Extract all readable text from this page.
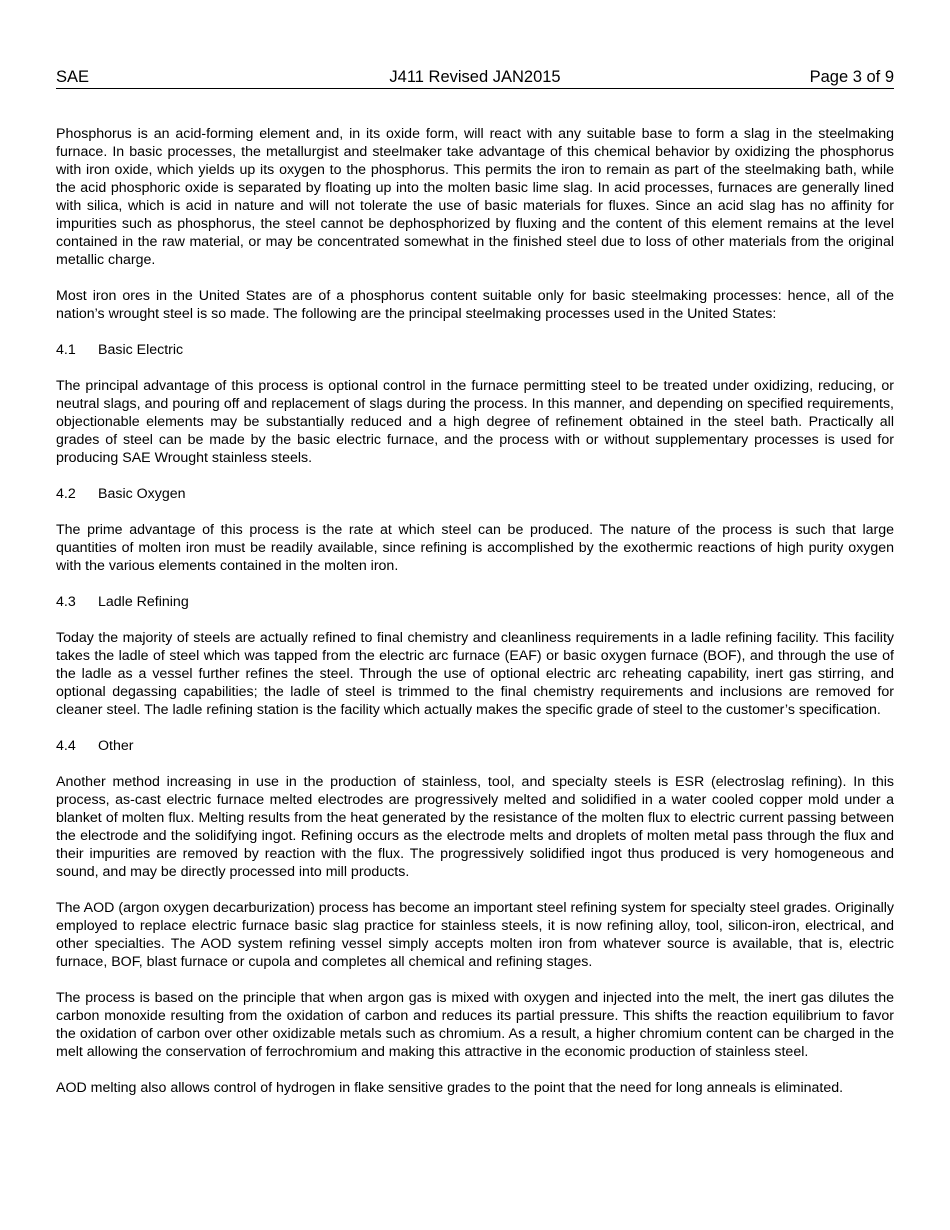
SAE	J411 Revised JAN2015	Page 3 of 9

Phosphorus is an acid-forming element and, in its oxide form, will react with any suitable base to form a slag in the steelmaking furnace. In basic processes, the metallurgist and steelmaker take advantage of this chemical behavior by oxidizing the phosphorus with iron oxide, which yields up its oxygen to the phosphorus. This permits the iron to remain as part of the steelmaking bath, while the acid phosphoric oxide is separated by floating up into the molten basic lime slag. In acid processes, furnaces are generally lined with silica, which is acid in nature and will not tolerate the use of basic materials for fluxes. Since an acid slag has no affinity for impurities such as phosphorus, the steel cannot be dephosphorized by fluxing and the content of this element remains at the level contained in the raw material, or may be concentrated somewhat in the finished steel due to loss of other materials from the original metallic charge.

Most iron ores in the United States are of a phosphorus content suitable only for basic steelmaking processes: hence, all of the nation’s wrought steel is so made. The following are the principal steelmaking processes used in the United States:

4.1 Basic Electric

The principal advantage of this process is optional control in the furnace permitting steel to be treated under oxidizing, reducing, or neutral slags, and pouring off and replacement of slags during the process. In this manner, and depending on specified requirements, objectionable elements may be substantially reduced and a high degree of refinement obtained in the steel bath. Practically all grades of steel can be made by the basic electric furnace, and the process with or without supplementary processes is used for producing SAE Wrought stainless steels.

4.2 Basic Oxygen

The prime advantage of this process is the rate at which steel can be produced. The nature of the process is such that large quantities of molten iron must be readily available, since refining is accomplished by the exothermic reactions of high purity oxygen with the various elements contained in the molten iron.

4.3 Ladle Refining

Today the majority of steels are actually refined to final chemistry and cleanliness requirements in a ladle refining facility. This facility takes the ladle of steel which was tapped from the electric arc furnace (EAF) or basic oxygen furnace (BOF), and through the use of the ladle as a vessel further refines the steel. Through the use of optional electric arc reheating capability, inert gas stirring, and optional degassing capabilities; the ladle of steel is trimmed to the final chemistry requirements and inclusions are removed for cleaner steel. The ladle refining station is the facility which actually makes the specific grade of steel to the customer’s specification.

4.4 Other

Another method increasing in use in the production of stainless, tool, and specialty steels is ESR (electroslag refining). In this process, as-cast electric furnace melted electrodes are progressively melted and solidified in a water cooled copper mold under a blanket of molten flux. Melting results from the heat generated by the resistance of the molten flux to electric current passing between the electrode and the solidifying ingot. Refining occurs as the electrode melts and droplets of molten metal pass through the flux and their impurities are removed by reaction with the flux. The progressively solidified ingot thus produced is very homogeneous and sound, and may be directly processed into mill products.

The AOD (argon oxygen decarburization) process has become an important steel refining system for specialty steel grades. Originally employed to replace electric furnace basic slag practice for stainless steels, it is now refining alloy, tool, silicon-iron, electrical, and other specialties. The AOD system refining vessel simply accepts molten iron from whatever source is available, that is, electric furnace, BOF, blast furnace or cupola and completes all chemical and refining stages.

The process is based on the principle that when argon gas is mixed with oxygen and injected into the melt, the inert gas dilutes the carbon monoxide resulting from the oxidation of carbon and reduces its partial pressure. This shifts the reaction equilibrium to favor the oxidation of carbon over other oxidizable metals such as chromium. As a result, a higher chromium content can be charged in the melt allowing the conservation of ferrochromium and making this attractive in the economic production of stainless steel.

AOD melting also allows control of hydrogen in flake sensitive grades to the point that the need for long anneals is eliminated.
